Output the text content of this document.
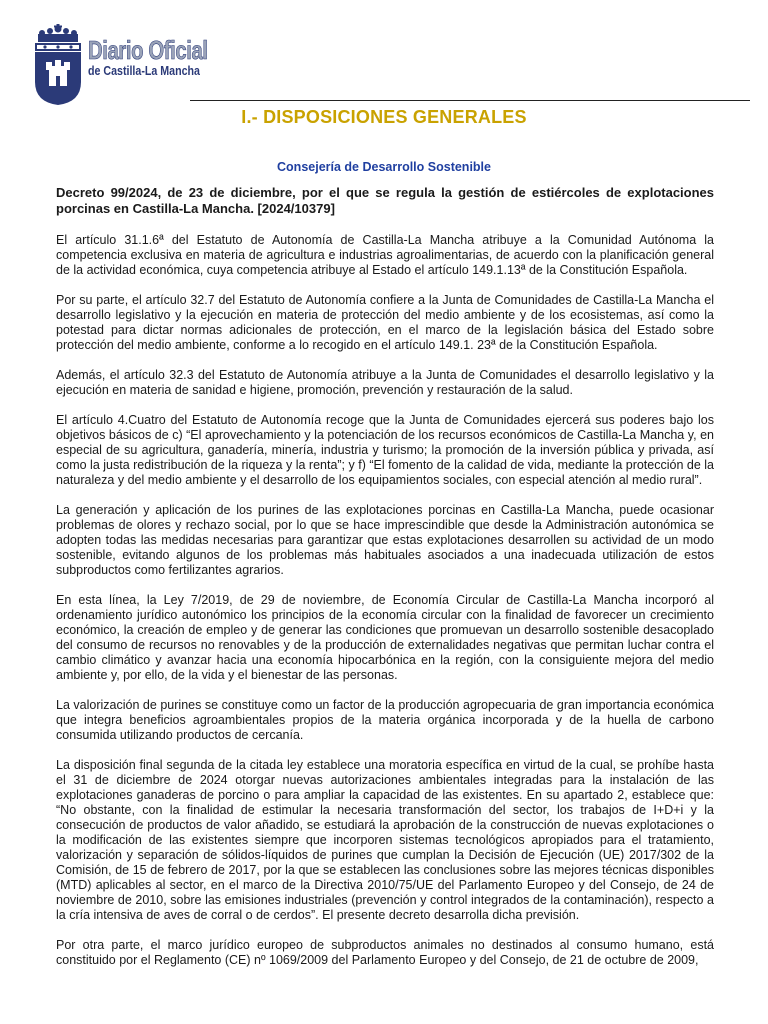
Diario Oficial
de Castilla-La Mancha
I.- DISPOSICIONES GENERALES
Consejería de Desarrollo Sostenible

Decreto 99/2024, de 23 de diciembre, por el que se regula la gestión de estiércoles de explotaciones porcinas en Castilla-La Mancha. [2024/10379]

El artículo 31.1.6ª del Estatuto de Autonomía de Castilla-La Mancha atribuye a la Comunidad Autónoma la competencia exclusiva en materia de agricultura e industrias agroalimentarias, de acuerdo con la planificación general de la actividad económica, cuya competencia atribuye al Estado el artículo 149.1.13ª de la Constitución Española.

Por su parte, el artículo 32.7 del Estatuto de Autonomía confiere a la Junta de Comunidades de Castilla-La Mancha el desarrollo legislativo y la ejecución en materia de protección del medio ambiente y de los ecosistemas, así como la potestad para dictar normas adicionales de protección, en el marco de la legislación básica del Estado sobre protección del medio ambiente, conforme a lo recogido en el artículo 149.1. 23ª de la Constitución Española.

Además, el artículo 32.3 del Estatuto de Autonomía atribuye a la Junta de Comunidades el desarrollo legislativo y la ejecución en materia de sanidad e higiene, promoción, prevención y restauración de la salud.

El artículo 4.Cuatro del Estatuto de Autonomía recoge que la Junta de Comunidades ejercerá sus poderes bajo los objetivos básicos de c) “El aprovechamiento y la potenciación de los recursos económicos de Castilla-La Mancha y, en especial de su agricultura, ganadería, minería, industria y turismo; la promoción de la inversión pública y privada, así como la justa redistribución de la riqueza y la renta”; y f) “El fomento de la calidad de vida, mediante la protección de la naturaleza y del medio ambiente y el desarrollo de los equipamientos sociales, con especial atención al medio rural”.

La generación y aplicación de los purines de las explotaciones porcinas en Castilla-La Mancha, puede ocasionar problemas de olores y rechazo social, por lo que se hace imprescindible que desde la Administración autonómica se adopten todas las medidas necesarias para garantizar que estas explotaciones desarrollen su actividad de un modo sostenible, evitando algunos de los problemas más habituales asociados a una inadecuada utilización de estos subproductos como fertilizantes agrarios.

En esta línea, la Ley 7/2019, de 29 de noviembre, de Economía Circular de Castilla-La Mancha incorporó al ordenamiento jurídico autonómico los principios de la economía circular con la finalidad de favorecer un crecimiento económico, la creación de empleo y de generar las condiciones que promuevan un desarrollo sostenible desacoplado del consumo de recursos no renovables y de la producción de externalidades negativas que permitan luchar contra el cambio climático y avanzar hacia una economía hipocarbónica en la región, con la consiguiente mejora del medio ambiente y, por ello, de la vida y el bienestar de las personas.

La valorización de purines se constituye como un factor de la producción agropecuaria de gran importancia económica que integra beneficios agroambientales propios de la materia orgánica incorporada y de la huella de carbono consumida utilizando productos de cercanía.

La disposición final segunda de la citada ley establece una moratoria específica en virtud de la cual, se prohíbe hasta el 31 de diciembre de 2024 otorgar nuevas autorizaciones ambientales integradas para la instalación de las explotaciones ganaderas de porcino o para ampliar la capacidad de las existentes. En su apartado 2, establece que: “No obstante, con la finalidad de estimular la necesaria transformación del sector, los trabajos de I+D+i y la consecución de productos de valor añadido, se estudiará la aprobación de la construcción de nuevas explotaciones o la modificación de las existentes siempre que incorporen sistemas tecnológicos apropiados para el tratamiento, valorización y separación de sólidos-líquidos de purines que cumplan la Decisión de Ejecución (UE) 2017/302 de la Comisión, de 15 de febrero de 2017, por la que se establecen las conclusiones sobre las mejores técnicas disponibles (MTD) aplicables al sector, en el marco de la Directiva 2010/75/UE del Parlamento Europeo y del Consejo, de 24 de noviembre de 2010, sobre las emisiones industriales (prevención y control integrados de la contaminación), respecto a la cría intensiva de aves de corral o de cerdos”. El presente decreto desarrolla dicha previsión.

Por otra parte, el marco jurídico europeo de subproductos animales no destinados al consumo humano, está constituido por el Reglamento (CE) nº 1069/2009 del Parlamento Europeo y del Consejo, de 21 de octubre de 2009,
